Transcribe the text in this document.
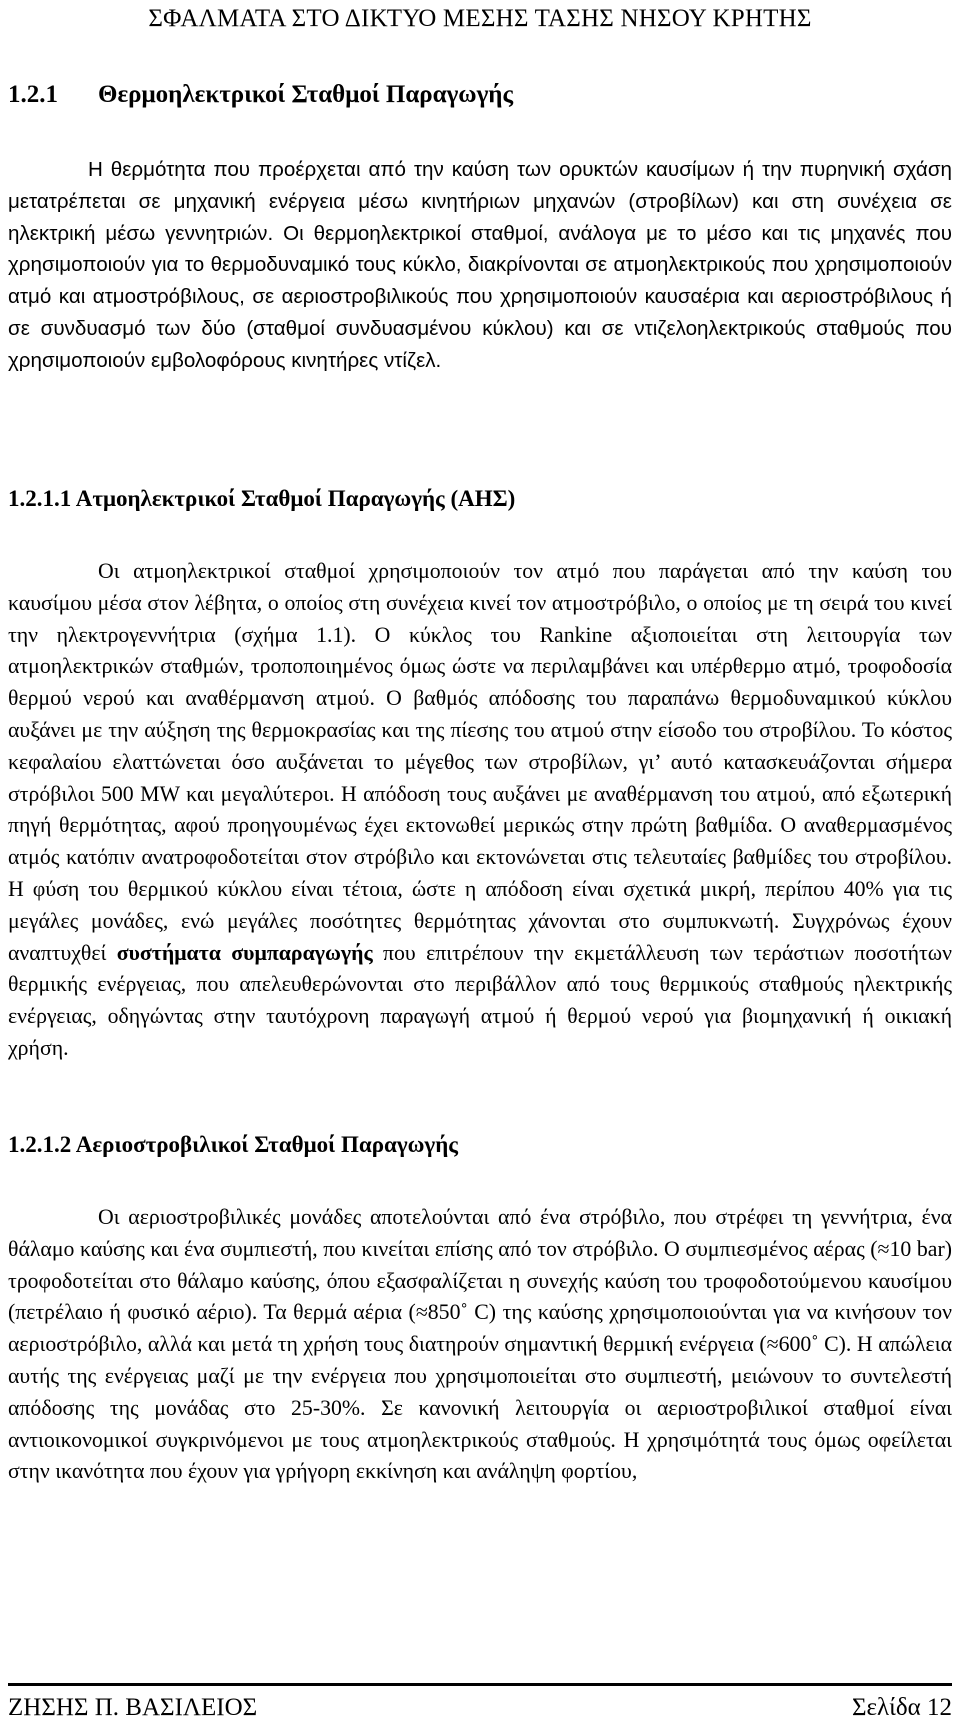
ΣΦΑΛΜΑΤΑ ΣΤΟ ΔΙΚΤΥΟ ΜΕΣΗΣ ΤΑΣΗΣ ΝΗΣΟΥ ΚΡΗΤΗΣ
1.2.1 Θερμοηλεκτρικοί Σταθμοί Παραγωγής

Η θερμότητα που προέρχεται από την καύση των ορυκτών καυσίμων ή την πυρηνική σχάση μετατρέπεται σε μηχανική ενέργεια μέσω κινητήριων μηχανών (στροβίλων) και στη συνέχεια σε ηλεκτρική μέσω γεννητριών. Οι θερμοηλεκτρικοί σταθμοί, ανάλογα με το μέσο και τις μηχανές που χρησιμοποιούν για το θερμοδυναμικό τους κύκλο, διακρίνονται σε ατμοηλεκτρικούς που χρησιμοποιούν ατμό και ατμοστρόβιλους, σε αεριοστροβιλικούς που χρησιμοποιούν καυσαέρια και αεριοστρόβιλους ή σε συνδυασμό των δύο (σταθμοί συνδυασμένου κύκλου) και σε ντιζελοηλεκτρικούς σταθμούς που χρησιμοποιούν εμβολοφόρους κινητήρες ντίζελ.

1.2.1.1 Ατμοηλεκτρικοί Σταθμοί Παραγωγής (ΑΗΣ)

Οι ατμοηλεκτρικοί σταθμοί χρησιμοποιούν τον ατμό που παράγεται από την καύση του καυσίμου μέσα στον λέβητα, ο οποίος στη συνέχεια κινεί τον ατμοστρόβιλο, ο οποίος με τη σειρά του κινεί την ηλεκτρογεννήτρια (σχήμα 1.1). Ο κύκλος του Rankine αξιοποιείται στη λειτουργία των ατμοηλεκτρικών σταθμών, τροποποιημένος όμως ώστε να περιλαμβάνει και υπέρθερμο ατμό, τροφοδοσία θερμού νερού και αναθέρμανση ατμού. Ο βαθμός απόδοσης του παραπάνω θερμοδυναμικού κύκλου αυξάνει με την αύξηση της θερμοκρασίας και της πίεσης του ατμού στην είσοδο του στροβίλου. Το κόστος κεφαλαίου ελαττώνεται όσο αυξάνεται το μέγεθος των στροβίλων, γι’ αυτό κατασκευάζονται σήμερα στρόβιλοι 500 MW και μεγαλύτεροι. Η απόδοση τους αυξάνει με αναθέρμανση του ατμού, από εξωτερική πηγή θερμότητας, αφού προηγουμένως έχει εκτονωθεί μερικώς στην πρώτη βαθμίδα. Ο αναθερμασμένος ατμός κατόπιν ανατροφοδοτείται στον στρόβιλο και εκτονώνεται στις τελευταίες βαθμίδες του στροβίλου. Η φύση του θερμικού κύκλου είναι τέτοια, ώστε η απόδοση είναι σχετικά μικρή, περίπου 40% για τις μεγάλες μονάδες, ενώ μεγάλες ποσότητες θερμότητας χάνονται στο συμπυκνωτή. Συγχρόνως έχουν αναπτυχθεί συστήματα συμπαραγωγής που επιτρέπουν την εκμετάλλευση των τεράστιων ποσοτήτων θερμικής ενέργειας, που απελευθερώνονται στο περιβάλλον από τους θερμικούς σταθμούς ηλεκτρικής ενέργειας, οδηγώντας στην ταυτόχρονη παραγωγή ατμού ή θερμού νερού για βιομηχανική ή οικιακή χρήση.

1.2.1.2 Αεριοστροβιλικοί Σταθμοί Παραγωγής

Οι αεριοστροβιλικές μονάδες αποτελούνται από ένα στρόβιλο, που στρέφει τη γεννήτρια, ένα θάλαμο καύσης και ένα συμπιεστή, που κινείται επίσης από τον στρόβιλο. Ο συμπιεσμένος αέρας (≈10 bar) τροφοδοτείται στο θάλαμο καύσης, όπου εξασφαλίζεται η συνεχής καύση του τροφοδοτούμενου καυσίμου (πετρέλαιο ή φυσικό αέριο). Τα θερμά αέρια (≈850˚ C) της καύσης χρησιμοποιούνται για να κινήσουν τον αεριοστρόβιλο, αλλά και μετά τη χρήση τους διατηρούν σημαντική θερμική ενέργεια (≈600˚ C). Η απώλεια αυτής της ενέργειας μαζί με την ενέργεια που χρησιμοποιείται στο συμπιεστή, μειώνουν το συντελεστή απόδοσης της μονάδας στο 25-30%. Σε κανονική λειτουργία οι αεριοστροβιλικοί σταθμοί είναι αντιοικονομικοί συγκρινόμενοι με τους ατμοηλεκτρικούς σταθμούς. Η χρησιμότητά τους όμως οφείλεται στην ικανότητα που έχουν για γρήγορη εκκίνηση και ανάληψη φορτίου,

ΖΗΣΗΣ Π. ΒΑΣΙΛΕΙΟΣ	Σελίδα 12
